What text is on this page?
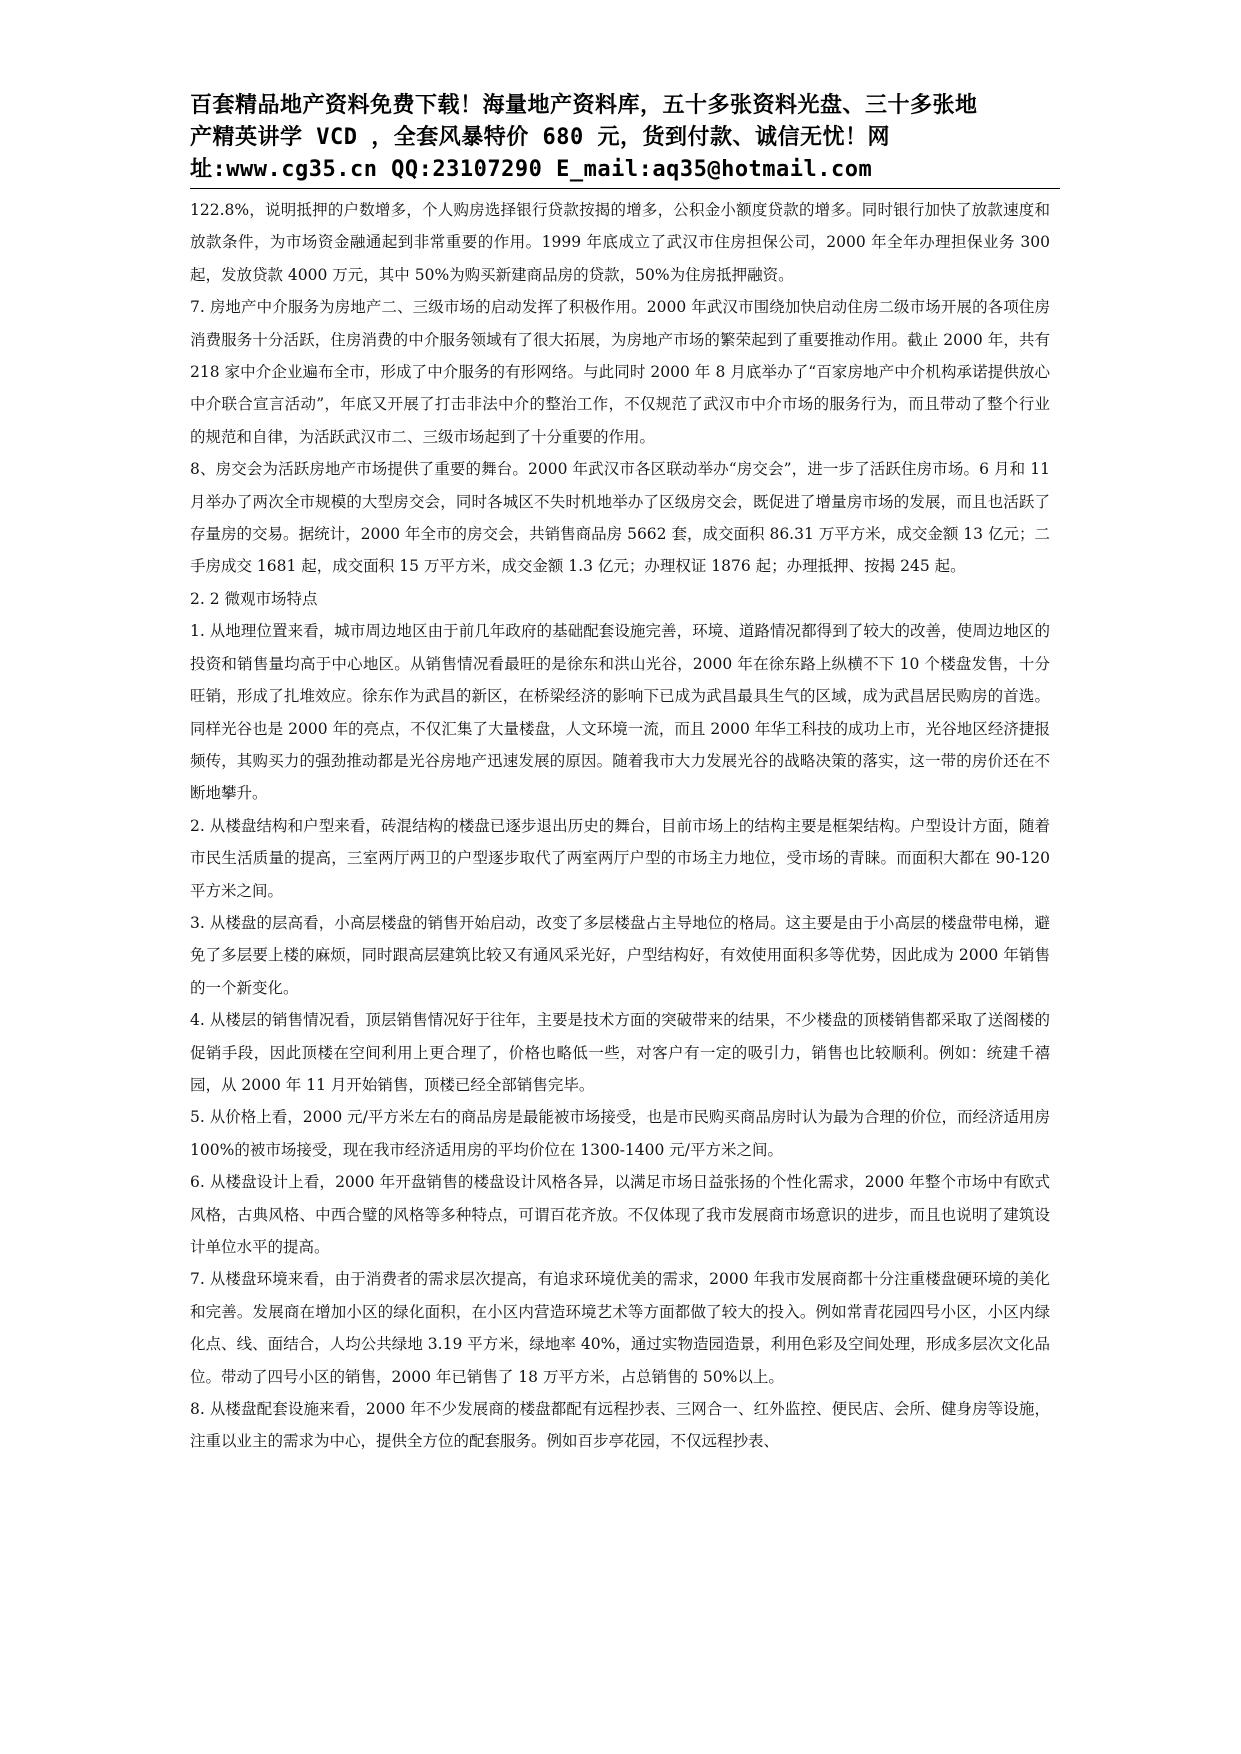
百套精品地产资料免费下载！海量地产资料库，五十多张资料光盘、三十多张地
产精英讲学 VCD ，全套风暴特价 680 元，货到付款、诚信无忧！网
址:www.cg35.cn QQ:23107290 E_mail:aq35@hotmail.com

122.8%，说明抵押的户数增多，个人购房选择银行贷款按揭的增多，公积金小额度贷款的增多。同时银行加快了放款速度和放款条件，为市场资金融通起到非常重要的作用。1999 年底成立了武汉市住房担保公司，2000 年全年办理担保业务 300 起，发放贷款 4000 万元，其中 50%为购买新建商品房的贷款，50%为住房抵押融资。

7. 房地产中介服务为房地产二、三级市场的启动发挥了积极作用。2000 年武汉市围绕加快启动住房二级市场开展的各项住房消费服务十分活跃，住房消费的中介服务领域有了很大拓展，为房地产市场的繁荣起到了重要推动作用。截止 2000 年，共有 218 家中介企业遍布全市，形成了中介服务的有形网络。与此同时 2000 年 8 月底举办了“百家房地产中介机构承诺提供放心中介联合宣言活动”，年底又开展了打击非法中介的整治工作，不仅规范了武汉市中介市场的服务行为，而且带动了整个行业的规范和自律，为活跃武汉市二、三级市场起到了十分重要的作用。

8、房交会为活跃房地产市场提供了重要的舞台。2000 年武汉市各区联动举办“房交会”，进一步了活跃住房市场。6 月和 11 月举办了两次全市规模的大型房交会，同时各城区不失时机地举办了区级房交会，既促进了增量房市场的发展，而且也活跃了存量房的交易。据统计，2000 年全市的房交会，共销售商品房 5662 套，成交面积 86.31 万平方米，成交金额 13 亿元；二手房成交 1681 起，成交面积 15 万平方米，成交金额 1.3 亿元；办理权证 1876 起；办理抵押、按揭 245 起。

2. 2 微观市场特点

1. 从地理位置来看，城市周边地区由于前几年政府的基础配套设施完善，环境、道路情况都得到了较大的改善，使周边地区的投资和销售量均高于中心地区。从销售情况看最旺的是徐东和洪山光谷，2000 年在徐东路上纵横不下 10 个楼盘发售，十分旺销，形成了扎堆效应。徐东作为武昌的新区，在桥梁经济的影响下已成为武昌最具生气的区域，成为武昌居民购房的首选。同样光谷也是 2000 年的亮点，不仅汇集了大量楼盘，人文环境一流，而且 2000 年华工科技的成功上市，光谷地区经济捷报频传，其购买力的强劲推动都是光谷房地产迅速发展的原因。随着我市大力发展光谷的战略决策的落实，这一带的房价还在不断地攀升。

2. 从楼盘结构和户型来看，砖混结构的楼盘已逐步退出历史的舞台，目前市场上的结构主要是框架结构。户型设计方面，随着市民生活质量的提高，三室两厅两卫的户型逐步取代了两室两厅户型的市场主力地位，受市场的青睐。而面积大都在 90-120 平方米之间。

3. 从楼盘的层高看，小高层楼盘的销售开始启动，改变了多层楼盘占主导地位的格局。这主要是由于小高层的楼盘带电梯，避免了多层要上楼的麻烦，同时跟高层建筑比较又有通风采光好，户型结构好，有效使用面积多等优势，因此成为 2000 年销售的一个新变化。

4. 从楼层的销售情况看，顶层销售情况好于往年，主要是技术方面的突破带来的结果，不少楼盘的顶楼销售都采取了送阁楼的促销手段，因此顶楼在空间利用上更合理了，价格也略低一些，对客户有一定的吸引力，销售也比较顺利。例如：统建千禧园，从 2000 年 11 月开始销售，顶楼已经全部销售完毕。

5. 从价格上看，2000 元/平方米左右的商品房是最能被市场接受，也是市民购买商品房时认为最为合理的价位，而经济适用房 100%的被市场接受，现在我市经济适用房的平均价位在 1300-1400 元/平方米之间。

6. 从楼盘设计上看，2000 年开盘销售的楼盘设计风格各异，以满足市场日益张扬的个性化需求，2000 年整个市场中有欧式风格，古典风格、中西合璧的风格等多种特点，可谓百花齐放。不仅体现了我市发展商市场意识的进步，而且也说明了建筑设计单位水平的提高。

7. 从楼盘环境来看，由于消费者的需求层次提高，有追求环境优美的需求，2000 年我市发展商都十分注重楼盘硬环境的美化和完善。发展商在增加小区的绿化面积，在小区内营造环境艺术等方面都做了较大的投入。例如常青花园四号小区，小区内绿化点、线、面结合，人均公共绿地 3.19 平方米，绿地率 40%，通过实物造园造景，利用色彩及空间处理，形成多层次文化品位。带动了四号小区的销售，2000 年已销售了 18 万平方米，占总销售的 50%以上。

8. 从楼盘配套设施来看，2000 年不少发展商的楼盘都配有远程抄表、三网合一、红外监控、便民店、会所、健身房等设施，注重以业主的需求为中心，提供全方位的配套服务。例如百步亭花园，不仅远程抄表、
